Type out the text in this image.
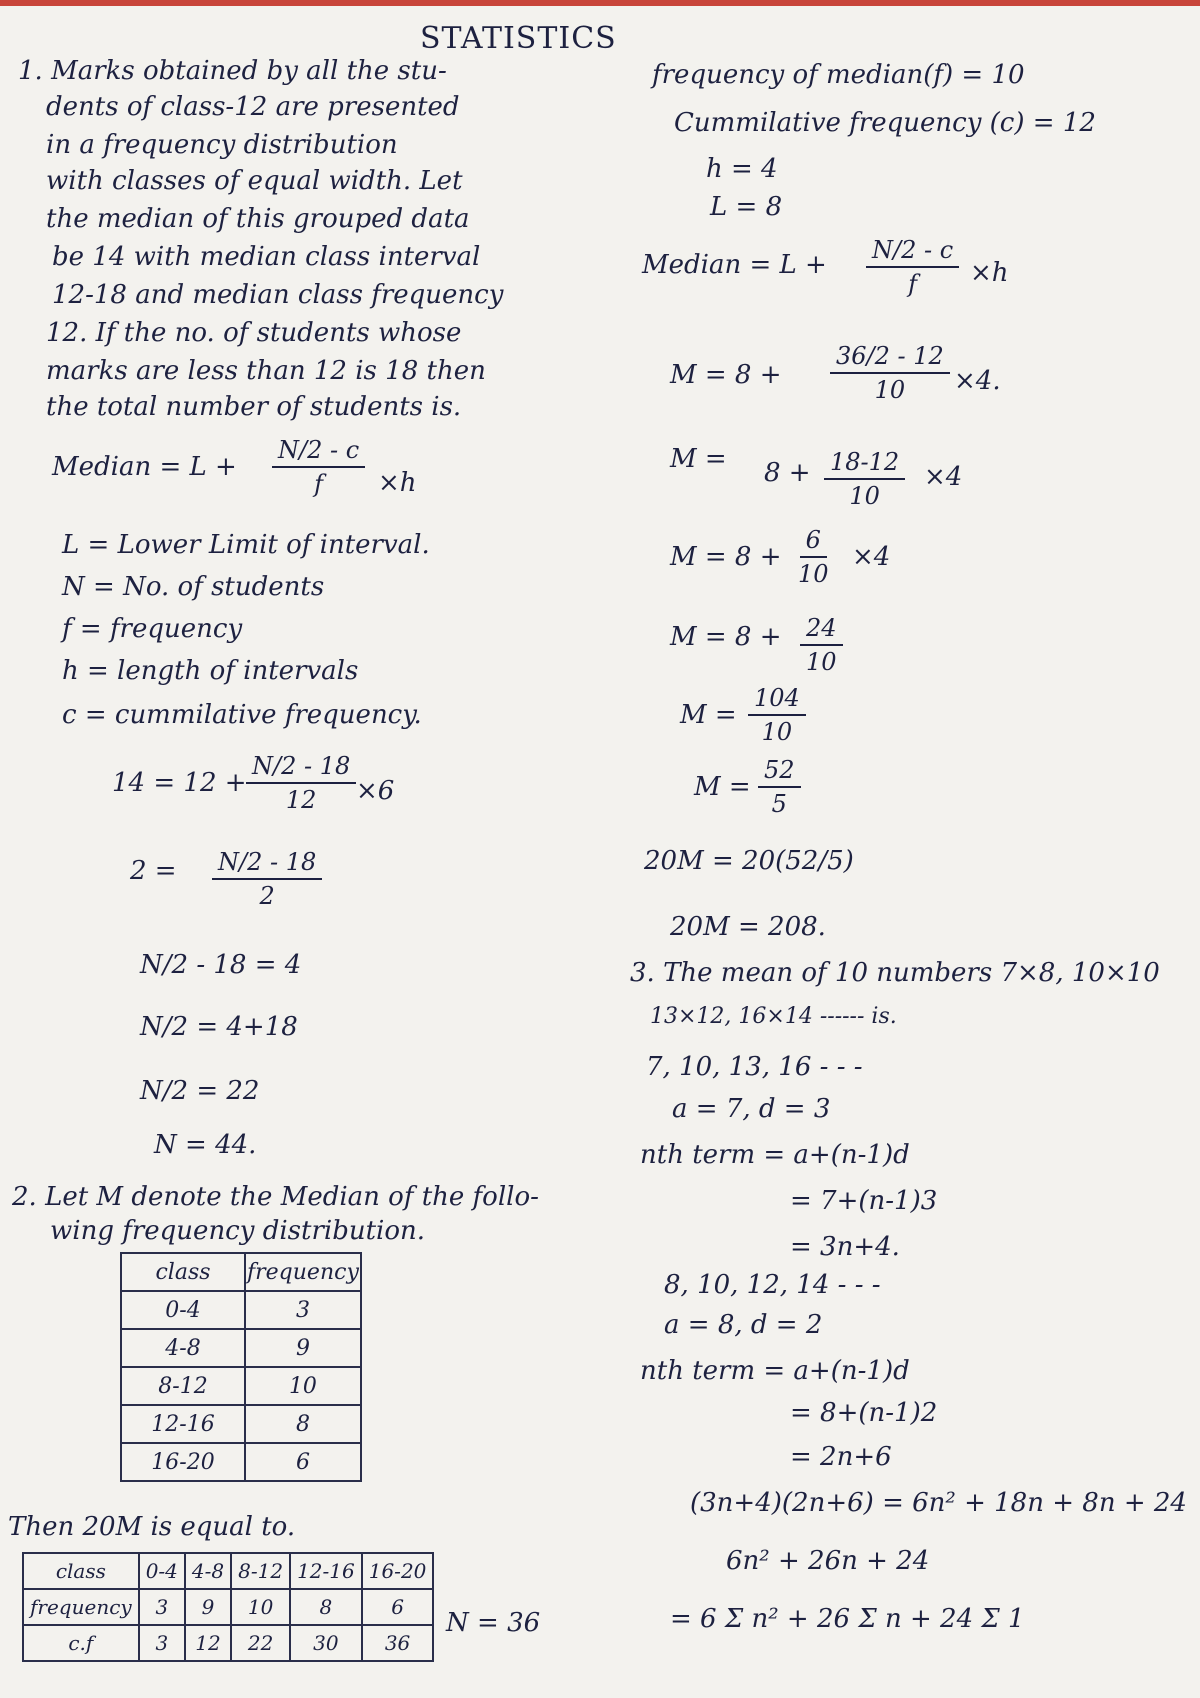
STATISTICS
1. Marks obtained by all the stu-
dents of class-12 are presented
in a frequency distribution
with classes of equal width. Let
the median of this grouped data
be 14 with median class interval
12-18 and median class frequency
12. If the no. of students whose
marks are less than 12 is 18 then
the total number of students is.
Median = $L + \frac{N/2 - c}{f} \times h$
L = Lower Limit of interval.
N = No. of students
f = frequency
h = length of intervals
c = cummilative frequency.
$14 = 12 + \frac{N/2 - 18}{12} \times 6$
$2 = \frac{N/2 - 18}{2}$
N/2 - 18 = 4
N/2 = 4+18
N/2 = 22
N = 44.
2. Let M denote the Median of the follo-
wing frequency distribution.
class	frequency
0-4	3
4-8	9
8-12	10
12-16	8
16-20	6
Then 20M is equal to.
class	0-4	4-8	8-12	12-16	16-20
frequency	3	9	10	8	6
c.f	3	12	22	30	36
N = 36
frequency of median(f) = 10
Cummilative frequency (c) = 12
h = 4
L = 8
Median = $L + \frac{N/2 - c}{f} \times h$
$M = 8 + \frac{36/2 - 12}{10} \times 4$.
$M = 8 + \frac{18-12}{10} \times 4$
$M = 8 + \frac{6}{10} \times 4$
$M = 8 + \frac{24}{10}$
$M = \frac{104}{10}$
$M = \frac{52}{5}$
20M = 20(52/5)
20M = 208.
3. The mean of 10 numbers 7×8, 10×10
13×12, 16×14 ------ is.
7, 10, 13, 16 - - -
a = 7, d = 3
nth term = a+(n-1)d
= 7+(n-1)3
= 3n+4.
8, 10, 12, 14 - - -
a = 8, d = 2
nth term = a+(n-1)d
= 8+(n-1)2
= 2n+6
(3n+4)(2n+6) = 6n² + 18n + 8n + 24
6n² + 26n + 24
= 6 Σ n² + 26 Σ n + 24 Σ 1
